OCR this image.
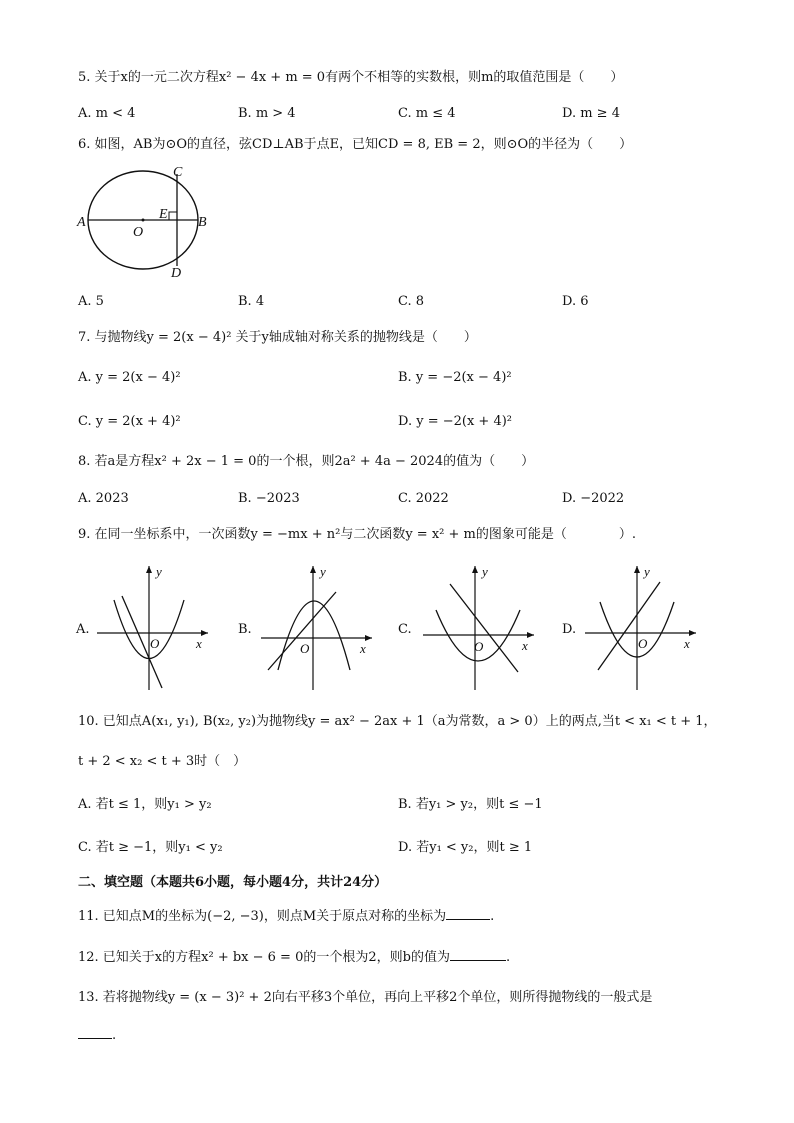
5. 关于x的一元二次方程x² − 4x + m = 0有两个不相等的实数根，则m的取值范围是（　　）
A. m < 4	B. m > 4	C. m ≤ 4	D. m ≥ 4
6. 如图，AB为⊙O的直径，弦CD⊥AB于点E，已知CD = 8, EB = 2，则⊙O的半径为（　　）
A	B
C
D
E
O
A. 5	B. 4	C. 8	D. 6
7. 与抛物线y = 2(x − 4)² 关于y轴成轴对称关系的抛物线是（　　）
A. y = 2(x − 4)²	B. y = −2(x − 4)²
C. y = 2(x + 4)²	D. y = −2(x + 4)²
8. 若a是方程x² + 2x − 1 = 0的一个根，则2a² + 4a − 2024的值为（　　）
A. 2023	B. −2023	C. 2022	D. −2022
9. 在同一坐标系中，一次函数y = −mx + n²与二次函数y = x² + m的图象可能是（　　　　）.
A.
y
x
O
B.
y
x
O
C.
y
x
O
D.
y
x
O
10. 已知点A(x₁, y₁), B(x₂, y₂)为抛物线y = ax² − 2ax + 1（a为常数，a > 0）上的两点,当t < x₁ < t + 1，
t + 2 < x₂ < t + 3时（　）
A. 若t ≤ 1，则y₁ > y₂	B. 若y₁ > y₂，则t ≤ −1
C. 若t ≥ −1，则y₁ < y₂	D. 若y₁ < y₂，则t ≥ 1
二、填空题（本题共6小题，每小题4分，共计24分）
11. 已知点M的坐标为(−2, −3)，则点M关于原点对称的坐标为	.
12. 已知关于x的方程x² + bx − 6 = 0的一个根为2，则b的值为	.
13. 若将抛物线y = (x − 3)² + 2向右平移3个单位，再向上平移2个单位，则所得抛物线的一般式是
.
